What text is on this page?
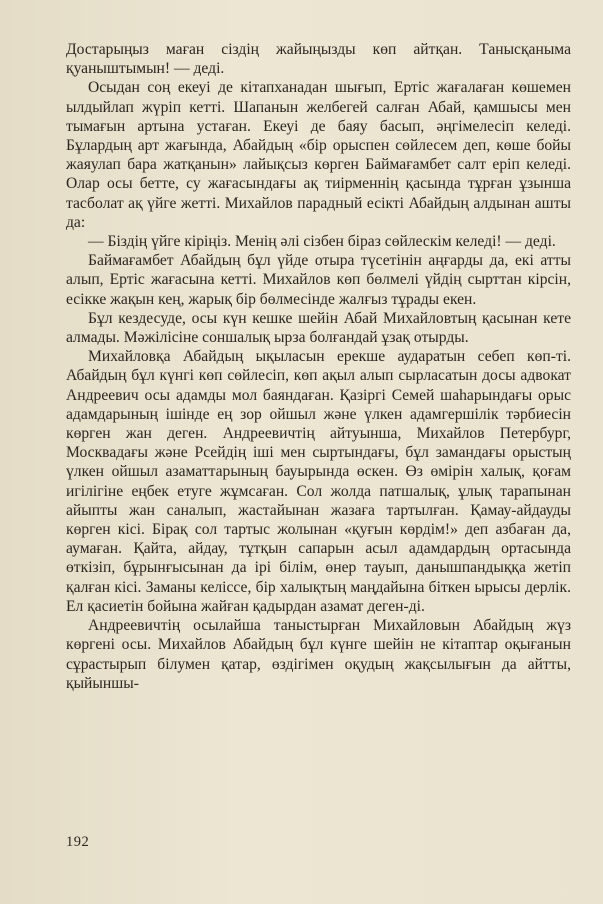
Достарыңыз маған сіздің жайыңызды көп айтқан. Танысқаныма қуаныштымын! — деді.

Осыдан соң екеуі де кітапханадан шығып, Ертіс жағалаған көшемен ылдыйлап жүріп кетті. Шапанын желбегей салған Абай, қамшысы мен тымағын артына устаған. Екеуі де баяу басып, әңгімелесіп келеді. Бұлардың арт жағында, Абайдың «бір орыспен сөйлесем деп, көше бойы жаяулап бара жатқанын» лайықсыз көрген Баймағамбет салт еріп келеді. Олар осы бетте, су жағасындағы ақ тиірменнің қасында тұрған ұзынша тасболат ақ үйге жетті. Михайлов парадный есікті Абайдың алдынан ашты да:

— Біздің үйге кіріңіз. Менің әлі сізбен біраз сөйлескім келеді! — деді.

Баймағамбет Абайдың бұл үйде отыра түсетінін аңғарды да, екі атты алып, Ертіс жағасына кетті. Михайлов көп бөлмелі үйдің сырттан кірсін, есікке жақын кең, жарық бір бөлмесінде жалғыз тұрады екен.

Бұл кездесуде, осы күн кешке шейін Абай Михайловтың қасынан кете алмады. Мәжілісіне соншалық ырза болғандай ұзақ отырды.

Михайловқа Абайдың ықыласын ерекше аударатын себеп көп-ті. Абайдың бұл күнгі көп сөйлесіп, көп ақыл алып сырласатын досы адвокат Андреевич осы адамды мол баяндаған. Қазіргі Семей шаһарындағы орыс адамдарының ішінде ең зор ойшыл және үлкен адамгершілік тәрбиесін көрген жан деген. Андреевичтің айтуынша, Михайлов Петербург, Москвадағы және Рсейдің іші мен сыртындағы, бұл замандағы орыстың үлкен ойшыл азаматтарының бауырында өскен. Өз өмірін халық, қоғам игілігіне еңбек етуге жұмсаған. Сол жолда патшалық, ұлық тарапынан айыпты жан саналып, жастайынан жазаға тартылған. Қамау-айдауды көрген кісі. Бірақ сол тартыс жолынан «қуғын көрдім!» деп азбаған да, аумаған. Қайта, айдау, тұтқын сапарын асыл адамдардың ортасында өткізіп, бұрынғысынан да ірі білім, өнер тауып, данышпандыққа жетіп қалған кісі. Заманы келіссе, бір халықтың маңдайына біткен ырысы дерлік. Ел қасиетін бойына жайған қадырдан азамат деген-ді.

Андреевичтің осылайша таныстырған Михайловын Абайдың жүз көргені осы. Михайлов Абайдың бұл күнге шейін не кітаптар оқығанын сұрастырып білумен қатар, өздігімен оқудың жақсылығын да айтты, қыйыншы-

192
